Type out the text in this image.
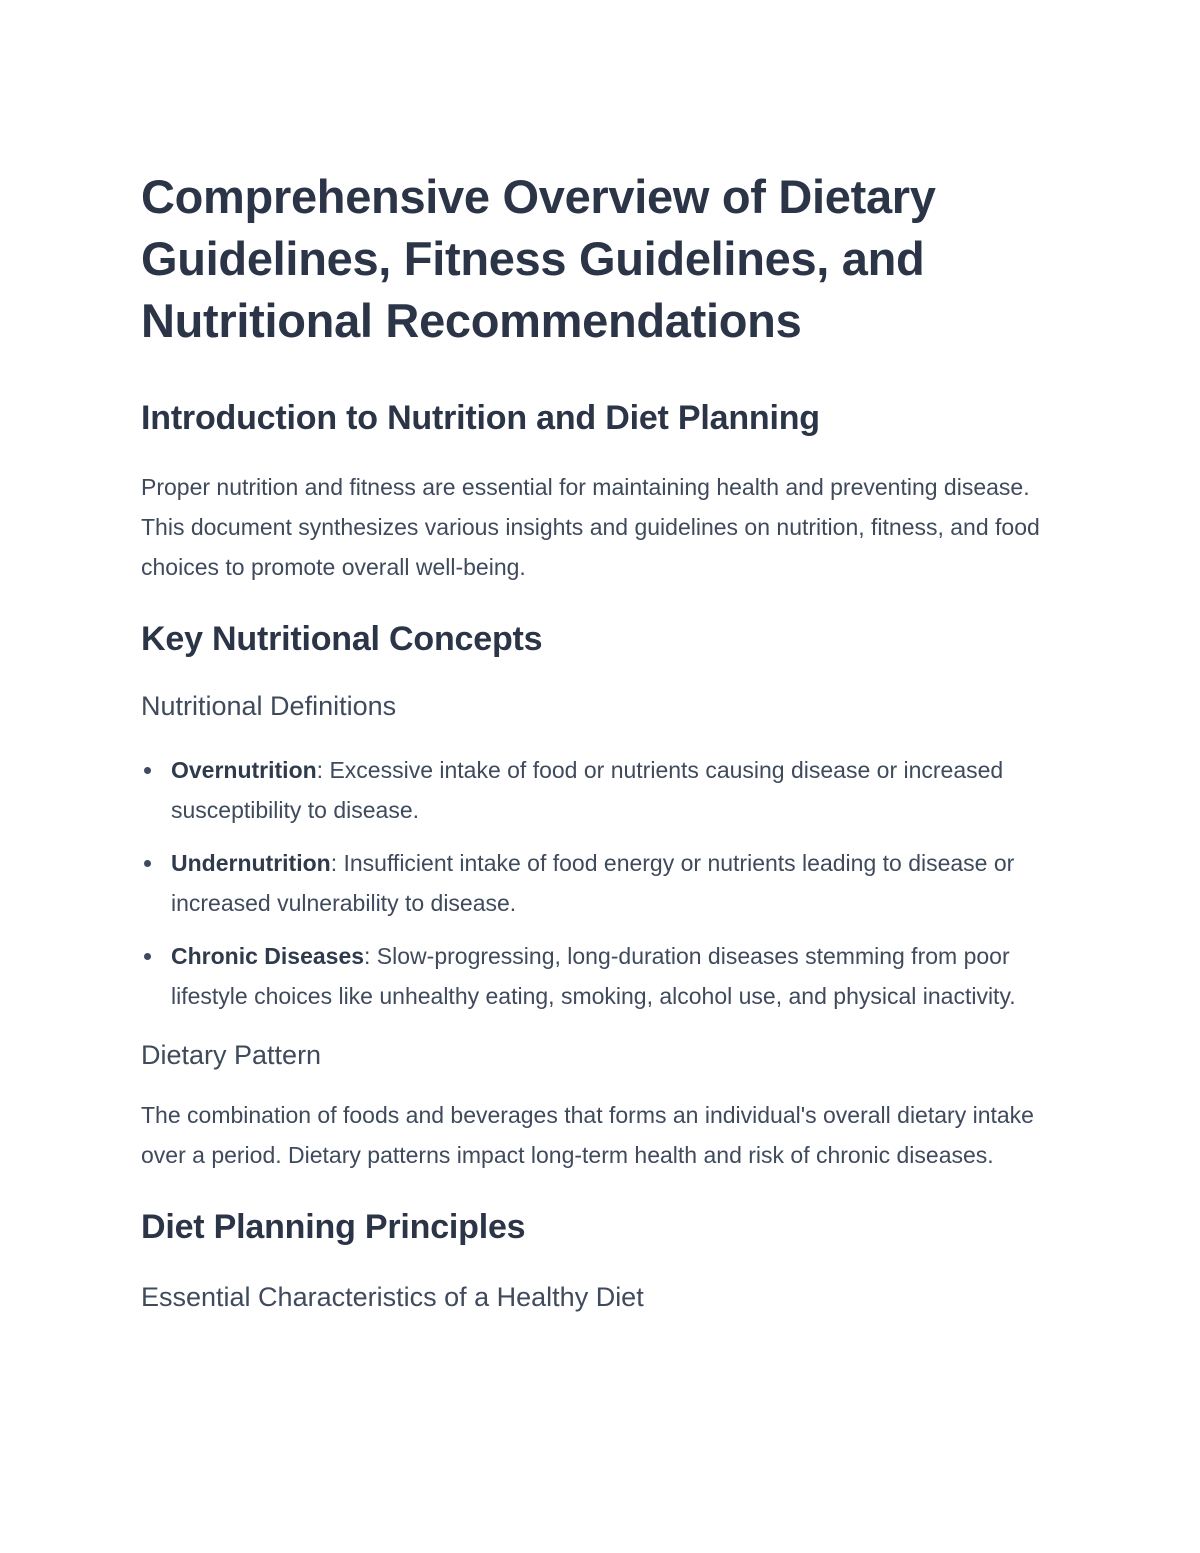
Comprehensive Overview of Dietary Guidelines, Fitness Guidelines, and Nutritional Recommendations
Introduction to Nutrition and Diet Planning

Proper nutrition and fitness are essential for maintaining health and preventing disease. This document synthesizes various insights and guidelines on nutrition, fitness, and food choices to promote overall well-being.

Key Nutritional Concepts
Nutritional Definitions
Overnutrition: Excessive intake of food or nutrients causing disease or increased susceptibility to disease.
Undernutrition: Insufficient intake of food energy or nutrients leading to disease or increased vulnerability to disease.
Chronic Diseases: Slow-progressing, long-duration diseases stemming from poor lifestyle choices like unhealthy eating, smoking, alcohol use, and physical inactivity.
Dietary Pattern

The combination of foods and beverages that forms an individual's overall dietary intake over a period. Dietary patterns impact long-term health and risk of chronic diseases.

Diet Planning Principles
Essential Characteristics of a Healthy Diet
